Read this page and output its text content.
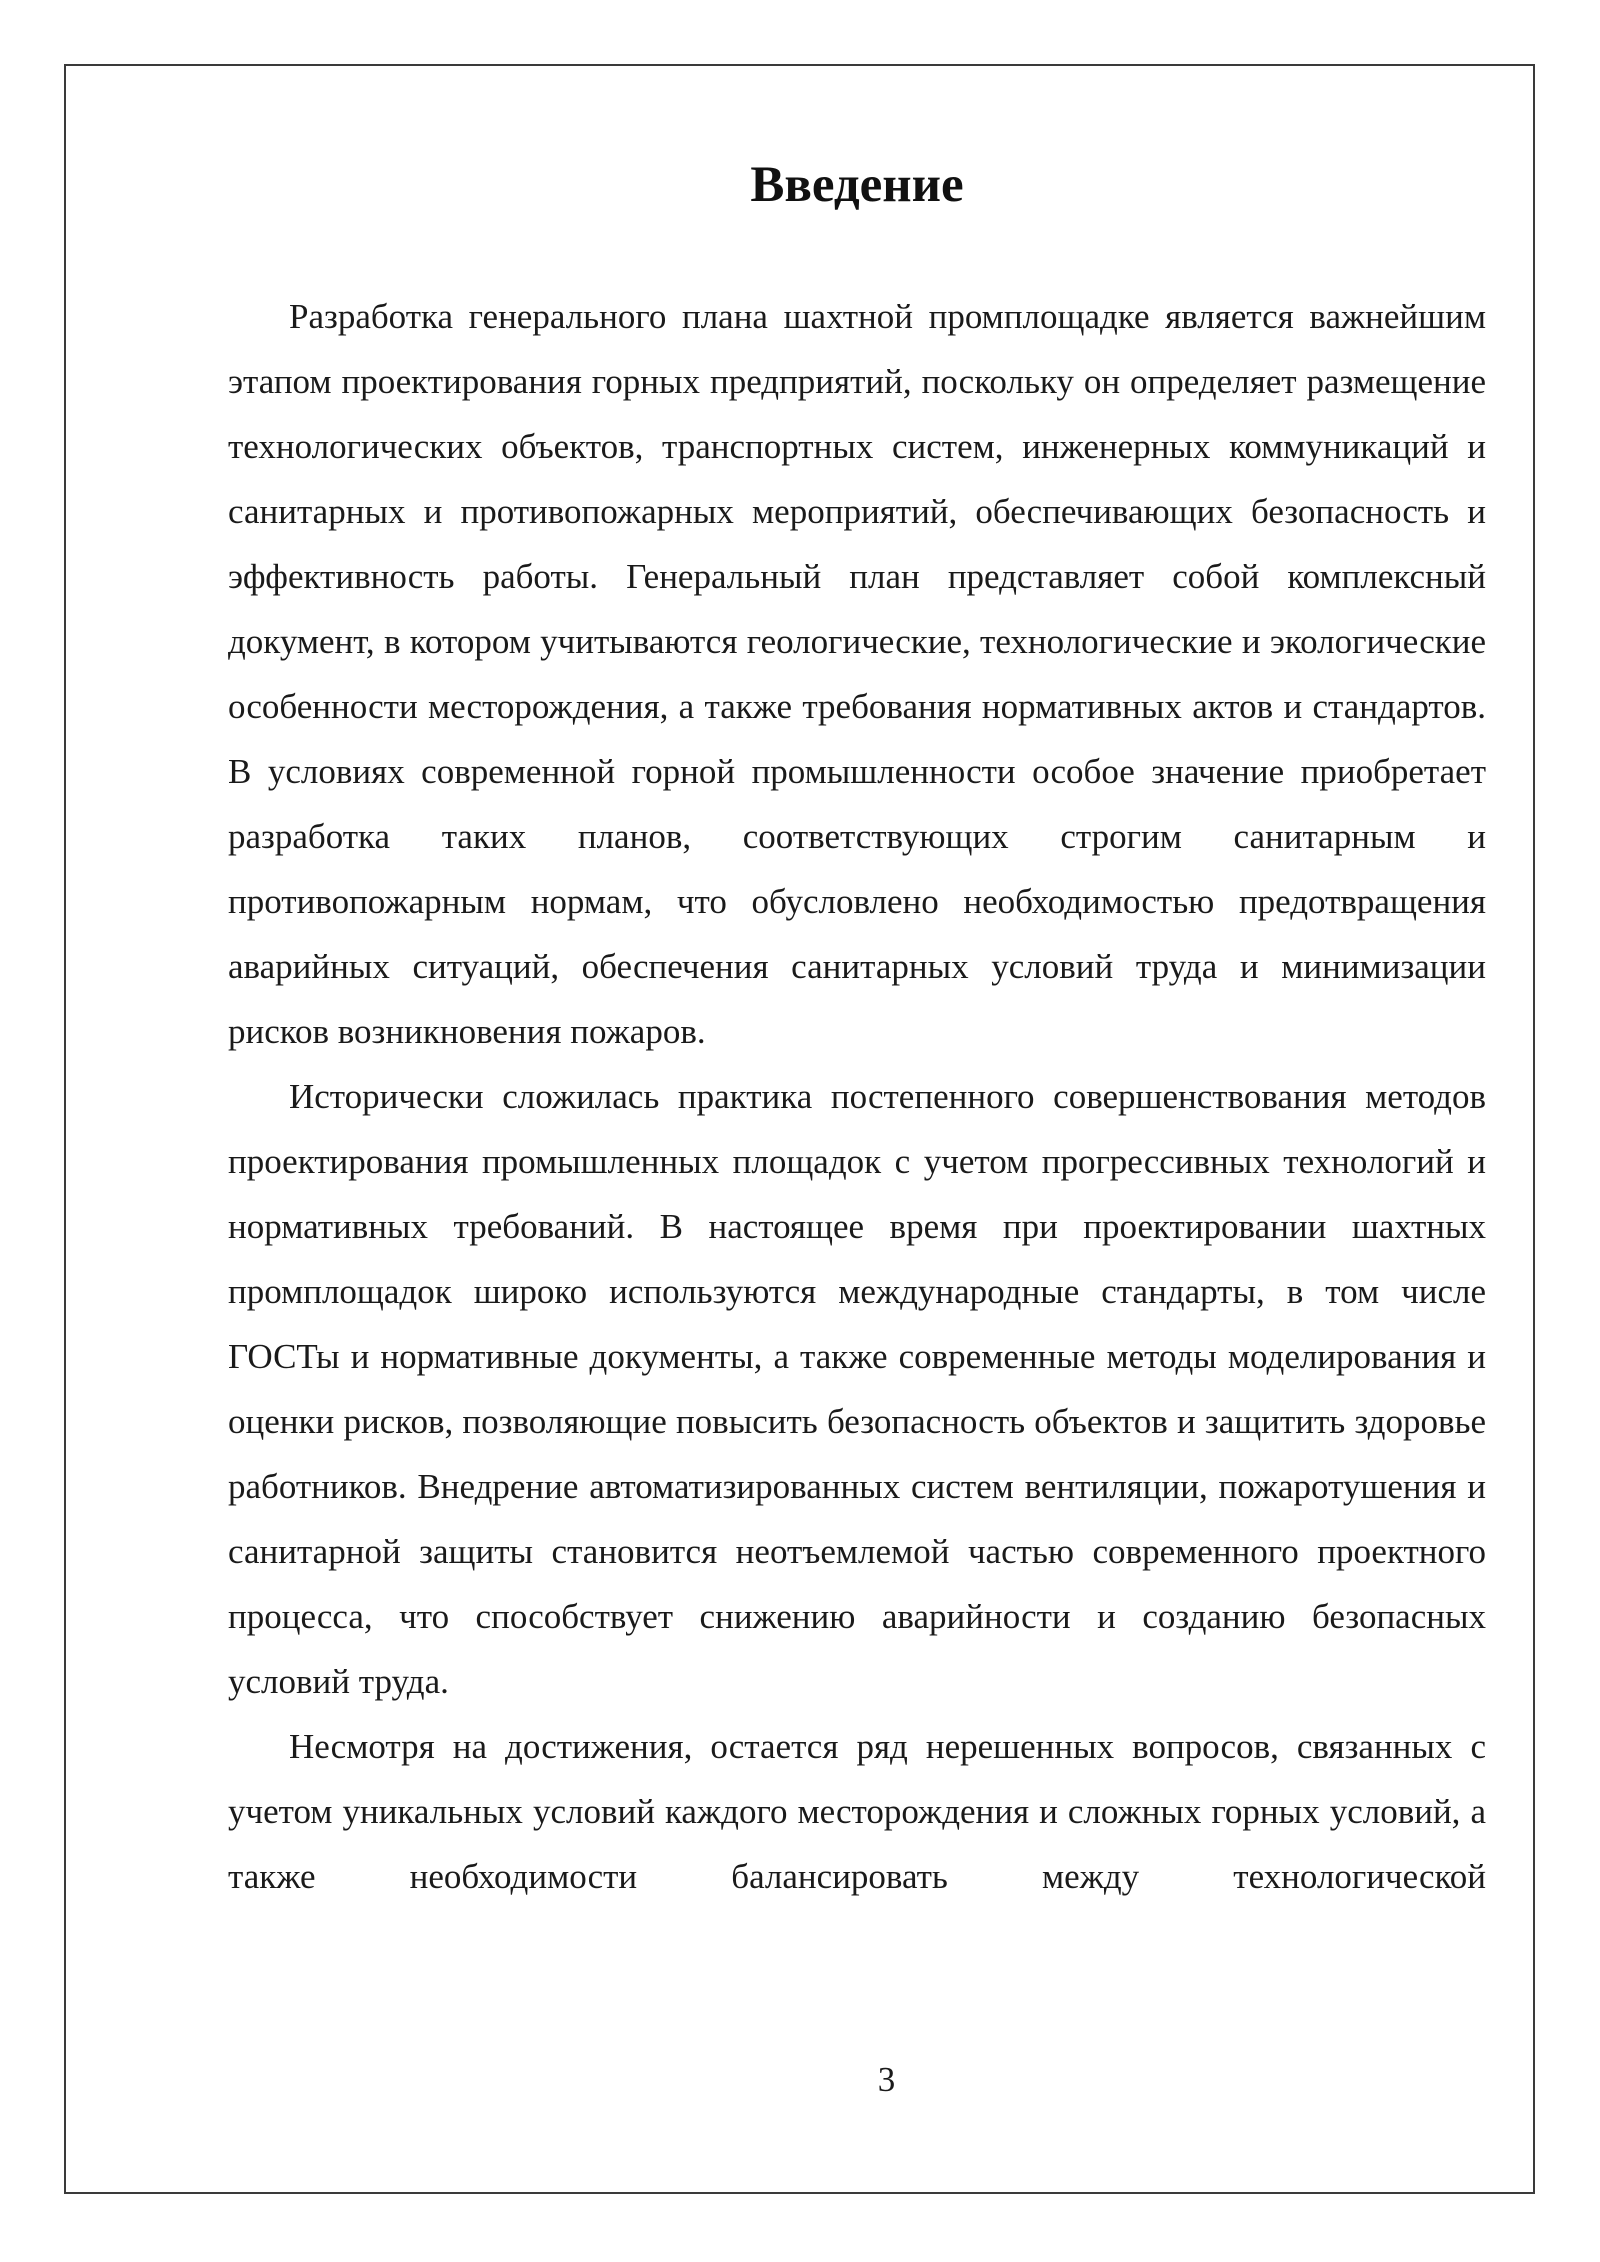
Введение

Разработка генерального плана шахтной промплощадке является важнейшим этапом проектирования горных предприятий, поскольку он определяет размещение технологических объектов, транспортных систем, инженерных коммуникаций и санитарных и противопожарных мероприятий, обеспечивающих безопасность и эффективность работы. Генеральный план представляет собой комплексный документ, в котором учитываются геологические, технологические и экологические особенности месторождения, а также требования нормативных актов и стандартов. В условиях современной горной промышленности особое значение приобретает разработка таких планов, соответствующих строгим санитарным и противопожарным нормам, что обусловлено необходимостью предотвращения аварийных ситуаций, обеспечения санитарных условий труда и минимизации рисков возникновения пожаров.

Исторически сложилась практика постепенного совершенствования методов проектирования промышленных площадок с учетом прогрессивных технологий и нормативных требований. В настоящее время при проектировании шахтных промплощадок широко используются международные стандарты, в том числе ГОСТы и нормативные документы, а также современные методы моделирования и оценки рисков, позволяющие повысить безопасность объектов и защитить здоровье работников. Внедрение автоматизированных систем вентиляции, пожаротушения и санитарной защиты становится неотъемлемой частью современного проектного процесса, что способствует снижению аварийности и созданию безопасных условий труда.

Несмотря на достижения, остается ряд нерешенных вопросов, связанных с учетом уникальных условий каждого месторождения и сложных горных условий, а также необходимости балансировать между технологической

3
